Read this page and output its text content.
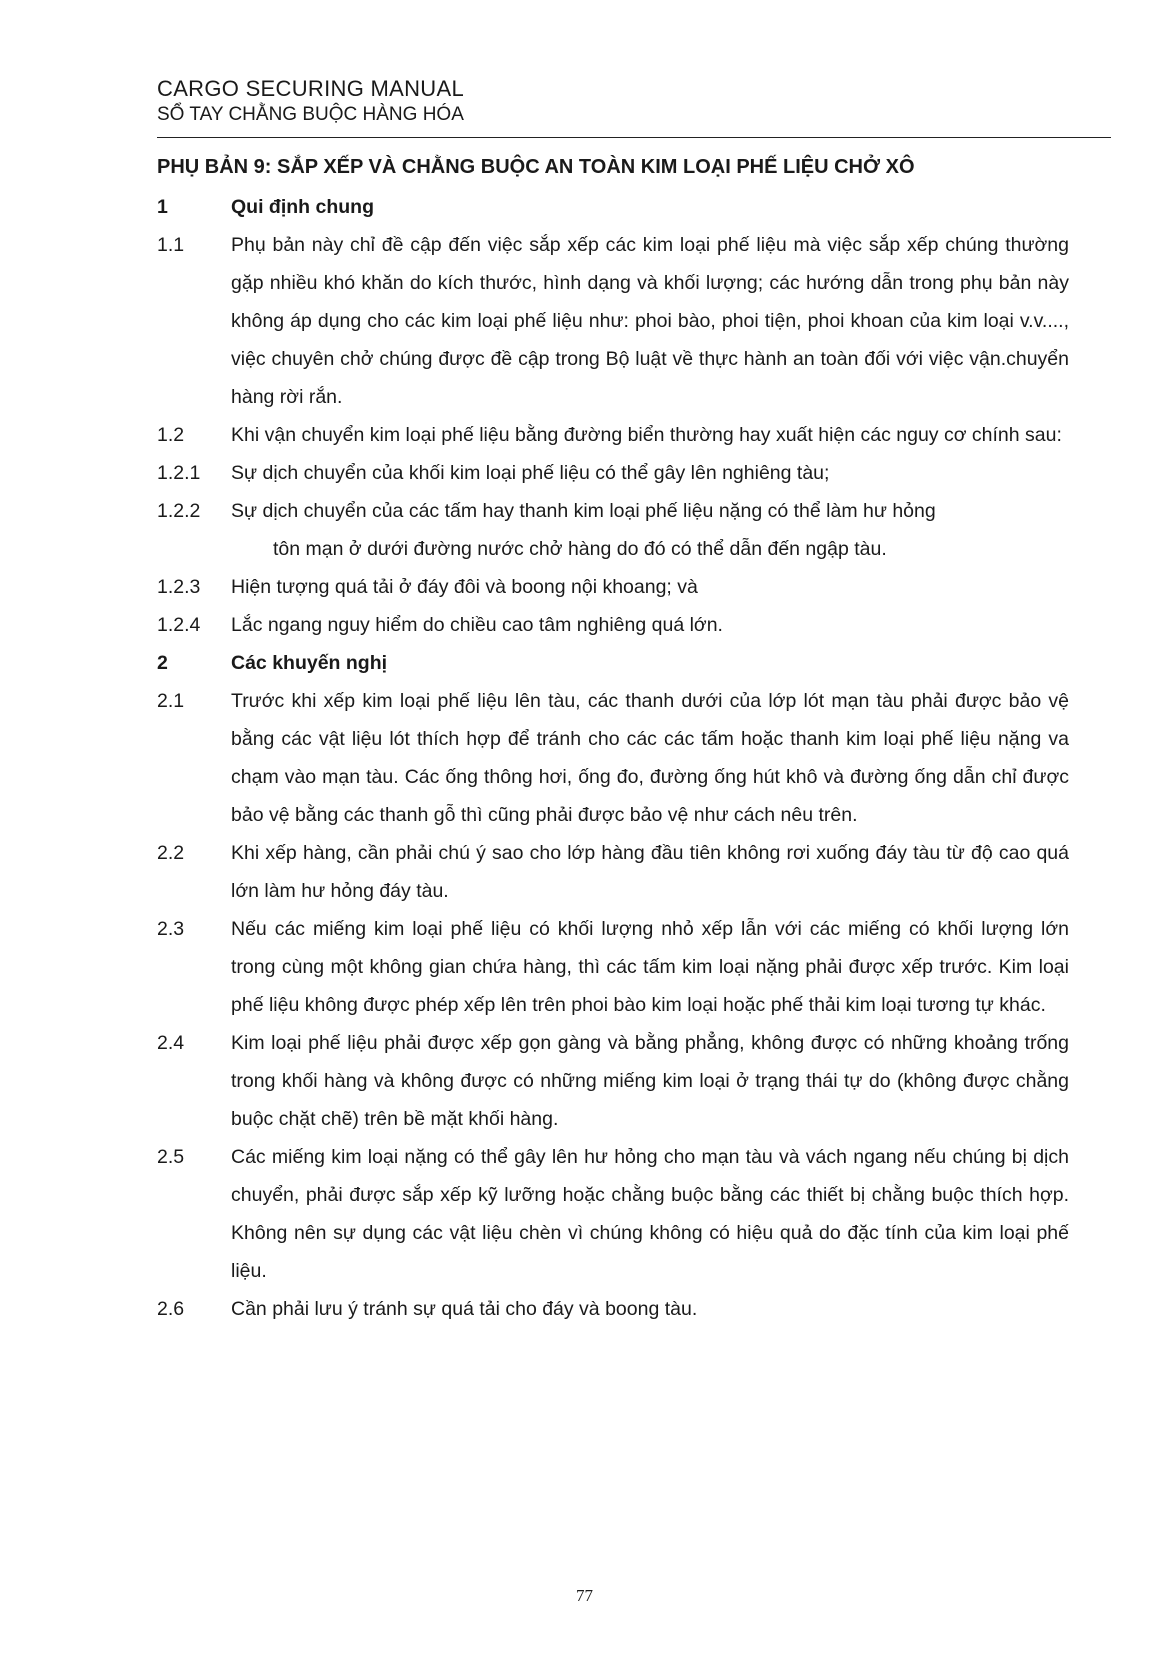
CARGO SECURING MANUAL
SỔ TAY CHẰNG BUỘC HÀNG HÓA
PHỤ BẢN 9: SẮP XẾP VÀ CHẰNG BUỘC AN TOÀN KIM LOẠI PHẾ LIỆU CHỞ XÔ
1	Qui định chung
1.1	Phụ bản này chỉ đề cập đến việc sắp xếp các kim loại phế liệu mà việc sắp xếp chúng thường gặp nhiều khó khăn do kích thước, hình dạng và khối lượng; các hướng dẫn trong phụ bản này không áp dụng cho các kim loại phế liệu như: phoi bào, phoi tiện, phoi khoan của kim loại v.v...., việc chuyên chở chúng được đề cập trong Bộ luật về thực hành an toàn đối với việc vận.chuyển hàng rời rắn.
1.2	Khi vận chuyển kim loại phế liệu bằng đường biển thường hay xuất hiện các nguy cơ chính sau:
1.2.1	Sự dịch chuyển của khối kim loại phế liệu có thể gây lên nghiêng tàu;
1.2.2	Sự dịch chuyển của các tấm hay thanh kim loại phế liệu nặng có thể làm hư hỏng
tôn mạn ở dưới đường nước chở hàng do đó có thể dẫn đến ngập tàu.
1.2.3	Hiện tượng quá tải ở đáy đôi và boong nội khoang; và
1.2.4	Lắc ngang nguy hiểm do chiều cao tâm nghiêng quá lớn.
2	Các khuyến nghị
2.1	Trước khi xếp kim loại phế liệu lên tàu, các thanh dưới của lớp lót mạn tàu phải được bảo vệ bằng các vật liệu lót thích hợp để tránh cho các các tấm hoặc thanh kim loại phế liệu nặng va chạm vào mạn tàu. Các ống thông hơi, ống đo, đường ống hút khô và đường ống dẫn chỉ được bảo vệ bằng các thanh gỗ thì cũng phải được bảo vệ như cách nêu trên.
2.2	Khi xếp hàng, cần phải chú ý sao cho lớp hàng đầu tiên không rơi xuống đáy tàu từ độ cao quá lớn làm hư hỏng đáy tàu.
2.3	Nếu các miếng kim loại phế liệu có khối lượng nhỏ xếp lẫn với các miếng có khối lượng lớn trong cùng một không gian chứa hàng, thì các tấm kim loại nặng phải được xếp trước. Kim loại phế liệu không được phép xếp lên trên phoi bào kim loại hoặc phế thải kim loại tương tự khác.
2.4	Kim loại phế liệu phải được xếp gọn gàng và bằng phẳng, không được có những khoảng trống trong khối hàng và không được có những miếng kim loại ở trạng thái tự do (không được chằng buộc chặt chẽ) trên bề mặt khối hàng.
2.5	Các miếng kim loại nặng có thể gây lên hư hỏng cho mạn tàu và vách ngang nếu chúng bị dịch chuyển, phải được sắp xếp kỹ lưỡng hoặc chằng buộc bằng các thiết bị chằng buộc thích hợp. Không nên sự dụng các vật liệu chèn vì chúng không có hiệu quả do đặc tính của kim loại phế liệu.
2.6	Cần phải lưu ý tránh sự quá tải cho đáy và boong tàu.
77
